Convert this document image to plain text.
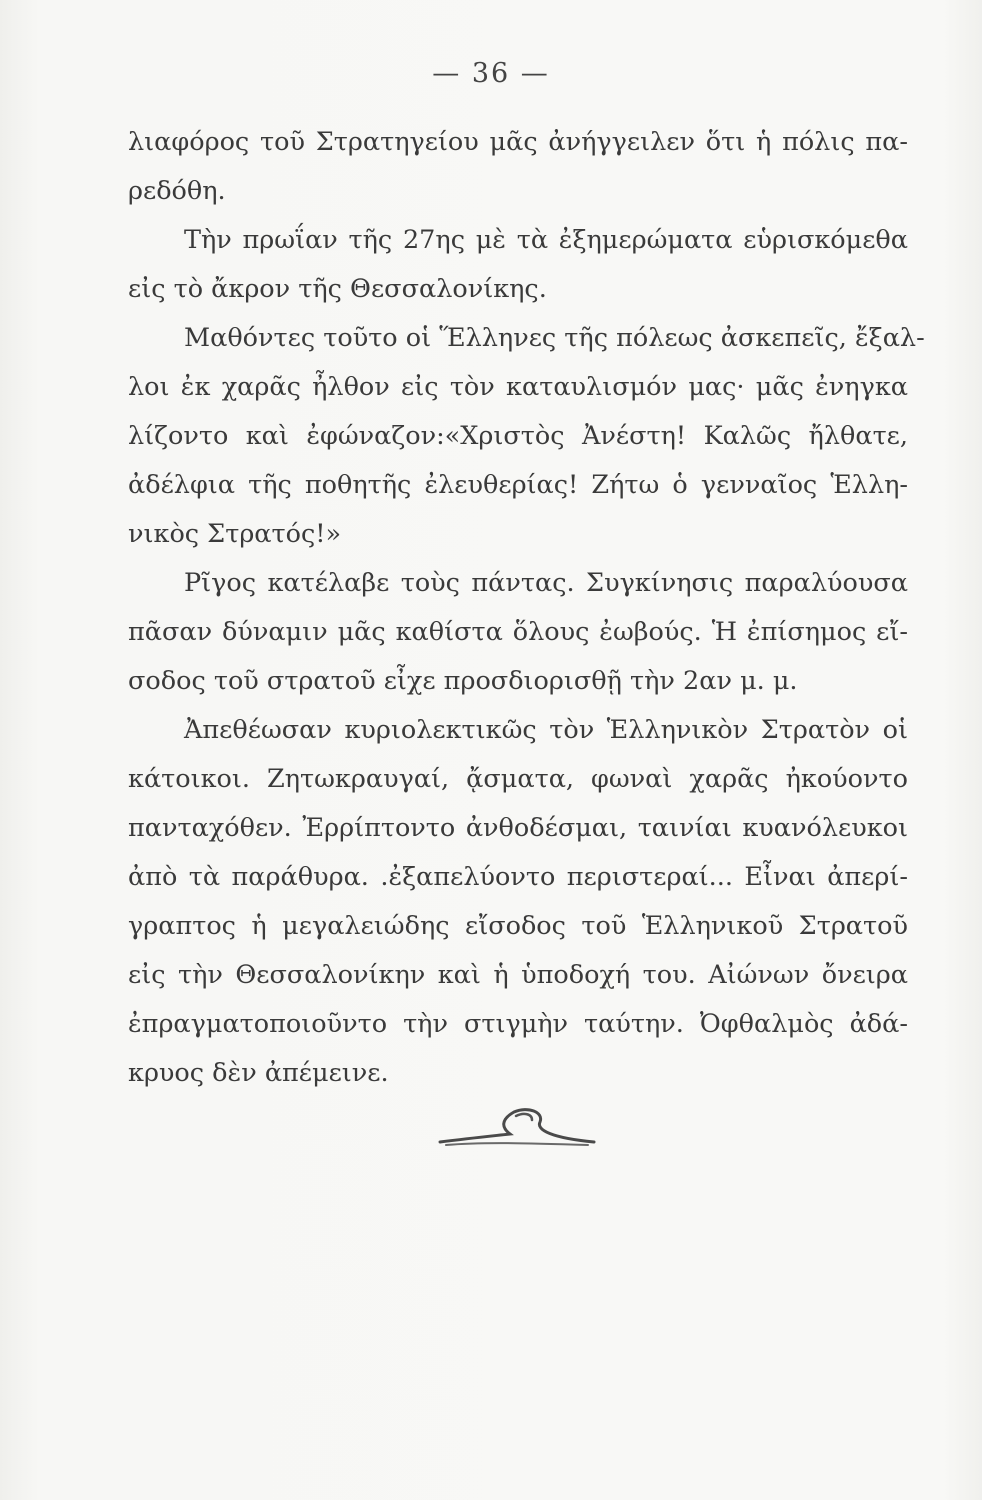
— 36 —
λιαφόρος τοῦ Στρατηγείου μᾶς ἀνήγγειλεν ὅτι ἡ πόλις πα-
ρεδόθη.
Τὴν πρωΐαν τῆς 27ης μὲ τὰ ἐξημερώματα εὑρισκόμεθα
εἰς τὸ ἄκρον τῆς Θεσσαλονίκης.
Μαθόντες τοῦτο οἱ Ἕλληνες τῆς πόλεως ἀσκεπεῖς, ἔξαλ-
λοι ἐκ χαρᾶς ἦλθον εἰς τὸν καταυλισμόν μας· μᾶς ἐνηγκα
λίζοντο καὶ ἐφώναζον:«Χριστὸς Ἀνέστη! Καλῶς ἤλθατε,
ἀδέλφια τῆς ποθητῆς ἐλευθερίας! Ζήτω ὁ γενναῖος Ἑλλη-
νικὸς Στρατός!»
Ρῖγος κατέλαβε τοὺς πάντας. Συγκίνησις παραλύουσα
πᾶσαν δύναμιν μᾶς καθίστα ὅλους ἐωβούς. Ἡ ἐπίσημος εἴ-
σοδος τοῦ στρατοῦ εἶχε προσδιορισθῇ τὴν 2αν μ. μ.
Ἀπεθέωσαν κυριολεκτικῶς τὸν Ἑλληνικὸν Στρατὸν οἱ
κάτοικοι. Ζητωκραυγαί, ᾄσματα, φωναὶ χαρᾶς ἠκούοντο
πανταχόθεν. Ἐρρίπτοντο ἀνθοδέσμαι, ταινίαι κυανόλευκοι
ἀπὸ τὰ παράθυρα. .ἐξαπελύοντο περιστεραί... Εἶναι ἀπερί-
γραπτος ἡ μεγαλειώδης εἴσοδος τοῦ Ἑλληνικοῦ Στρατοῦ
εἰς τὴν Θεσσαλονίκην καὶ ἡ ὑποδοχή του. Αἰώνων ὄνειρα
ἐπραγματοποιοῦντο τὴν στιγμὴν ταύτην. Ὀφθαλμὸς ἀδά-
κρυος δὲν ἀπέμεινε.
